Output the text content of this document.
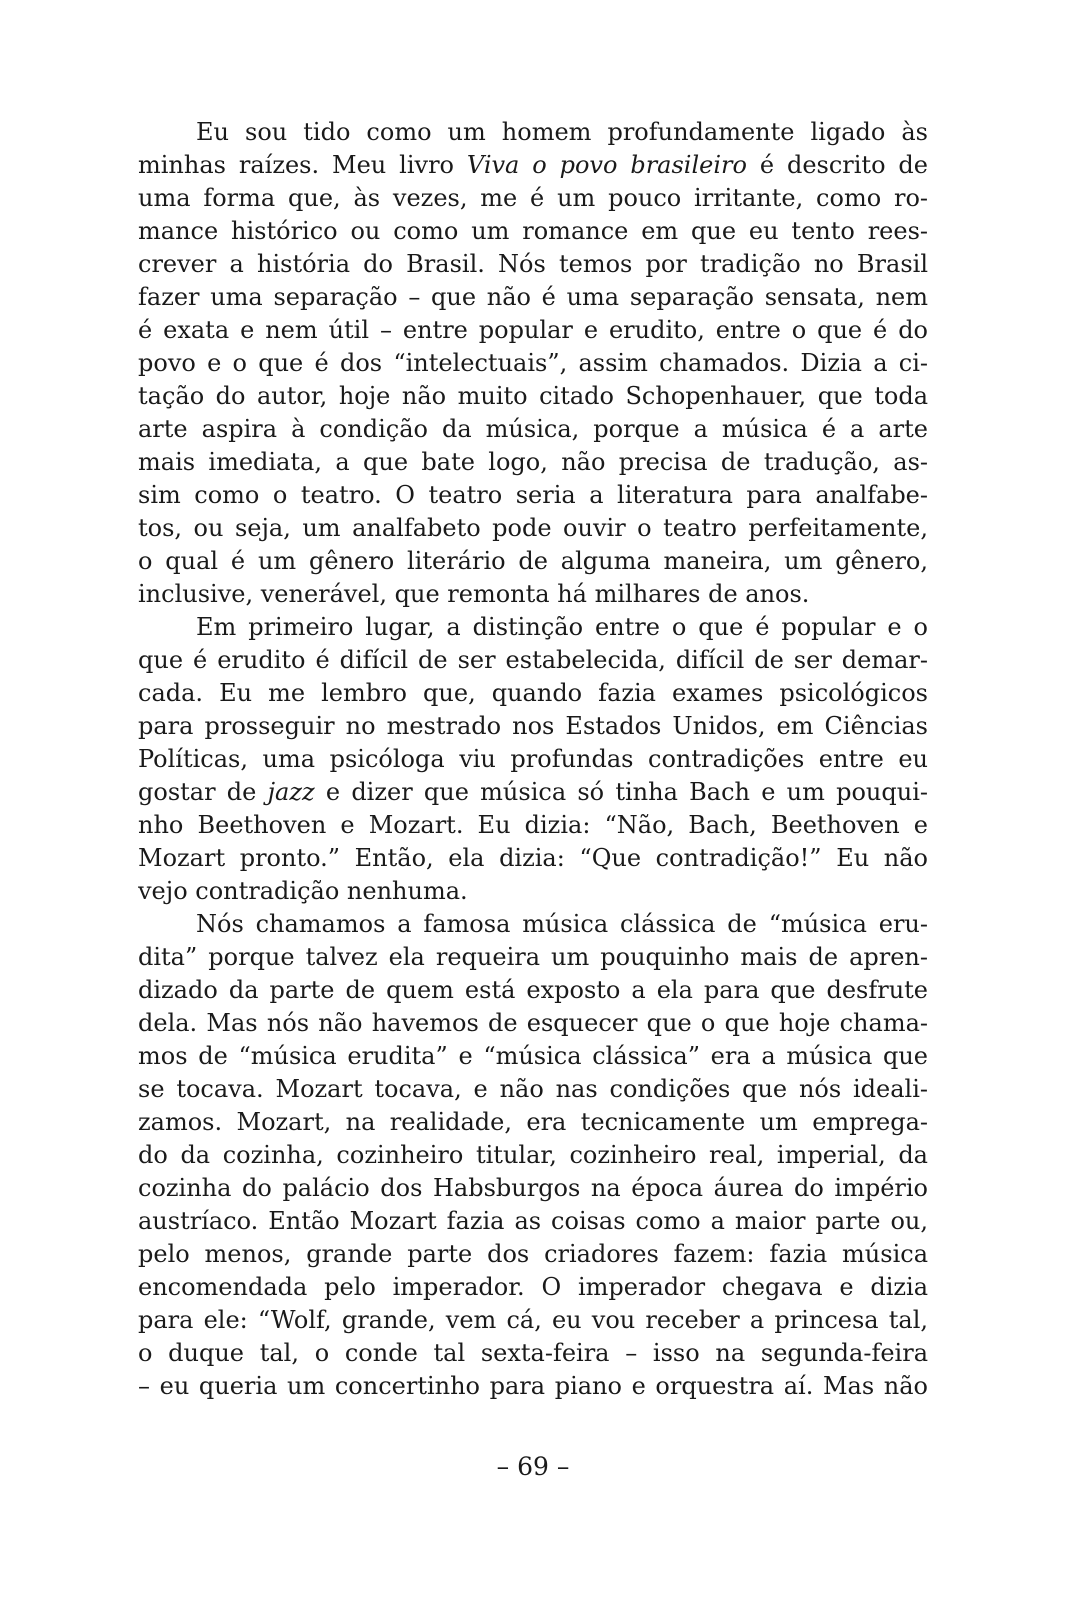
Eu sou tido como um homem profundamente ligado às
minhas raízes. Meu livro Viva o povo brasileiro é descrito de
uma forma que, às vezes, me é um pouco irritante, como ro-
mance histórico ou como um romance em que eu tento rees-
crever a história do Brasil. Nós temos por tradição no Brasil
fazer uma separação – que não é uma separação sensata, nem
é exata e nem útil – entre popular e erudito, entre o que é do
povo e o que é dos “intelectuais”, assim chamados. Dizia a ci-
tação do autor, hoje não muito citado Schopenhauer, que toda
arte aspira à condição da música, porque a música é a arte
mais imediata, a que bate logo, não precisa de tradução, as-
sim como o teatro. O teatro seria a literatura para analfabe-
tos, ou seja, um analfabeto pode ouvir o teatro perfeitamente,
o qual é um gênero literário de alguma maneira, um gênero,
inclusive, venerável, que remonta há milhares de anos.
Em primeiro lugar, a distinção entre o que é popular e o
que é erudito é difícil de ser estabelecida, difícil de ser demar-
cada. Eu me lembro que, quando fazia exames psicológicos
para prosseguir no mestrado nos Estados Unidos, em Ciências
Políticas, uma psicóloga viu profundas contradições entre eu
gostar de jazz e dizer que música só tinha Bach e um pouqui-
nho Beethoven e Mozart. Eu dizia: “Não, Bach, Beethoven e
Mozart pronto.” Então, ela dizia: “Que contradição!” Eu não
vejo contradição nenhuma.
Nós chamamos a famosa música clássica de “música eru-
dita” porque talvez ela requeira um pouquinho mais de apren-
dizado da parte de quem está exposto a ela para que desfrute
dela. Mas nós não havemos de esquecer que o que hoje chama-
mos de “música erudita” e “música clássica” era a música que
se tocava. Mozart tocava, e não nas condições que nós ideali-
zamos. Mozart, na realidade, era tecnicamente um emprega-
do da cozinha, cozinheiro titular, cozinheiro real, imperial, da
cozinha do palácio dos Habsburgos na época áurea do império
austríaco. Então Mozart fazia as coisas como a maior parte ou,
pelo menos, grande parte dos criadores fazem: fazia música
encomendada pelo imperador. O imperador chegava e dizia
para ele: “Wolf, grande, vem cá, eu vou receber a princesa tal,
o duque tal, o conde tal sexta-feira – isso na segunda-feira
– eu queria um concertinho para piano e orquestra aí. Mas não
– 69 –
